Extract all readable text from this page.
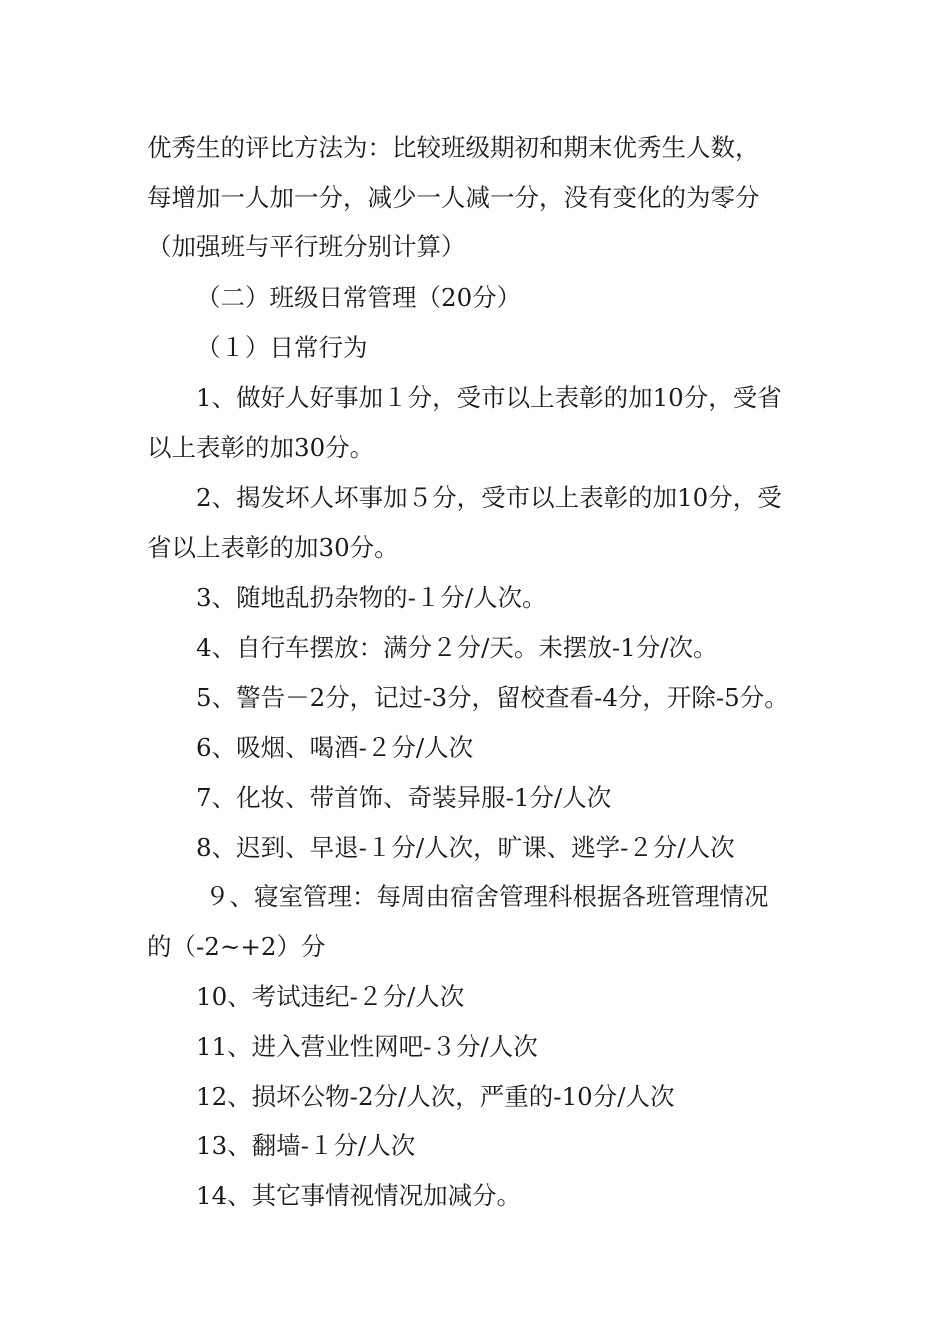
优秀生的评比方法为：比较班级期初和期末优秀生人数，
每增加一人加一分，减少一人减一分，没有变化的为零分
（加强班与平行班分别计算）
（二）班级日常管理（20分）
（１）日常行为
1、做好人好事加１分，受市以上表彰的加10分，受省
以上表彰的加30分。
2、揭发坏人坏事加５分，受市以上表彰的加10分，受
省以上表彰的加30分。
3、随地乱扔杂物的-１分/人次。
4、自行车摆放：满分２分/天。未摆放-1分/次。
5、警告－2分，记过-3分，留校查看-4分，开除-5分。
6、吸烟、喝酒-２分/人次
7、化妆、带首饰、奇装异服-1分/人次
8、迟到、早退-１分/人次，旷课、逃学-２分/人次
９、寝室管理：每周由宿舍管理科根据各班管理情况
的（-2~+2）分
10、考试违纪-２分/人次
11、进入营业性网吧-３分/人次
12、损坏公物-2分/人次，严重的-10分/人次
13、翻墙-１分/人次
14、其它事情视情况加减分。
